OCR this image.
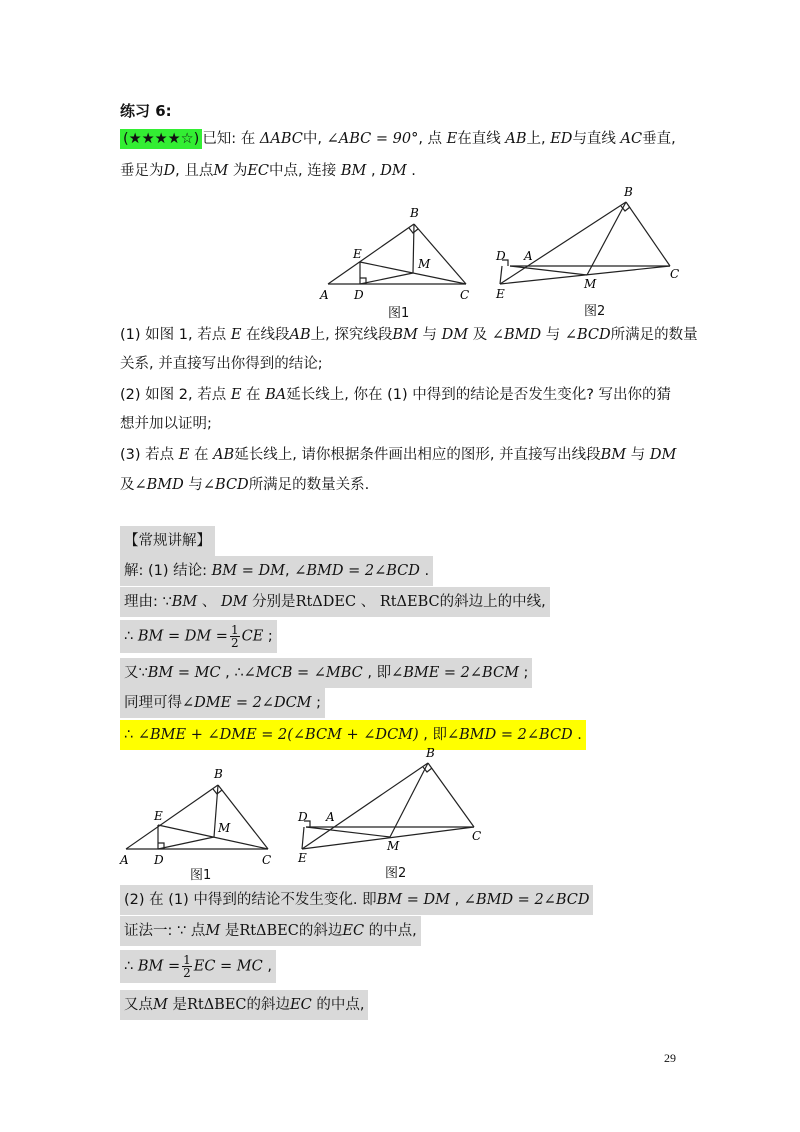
练习 6:
(★★★★☆) 已知: 在 ΔABC中, ∠ABC = 90°, 点 E在直线 AB上, ED与直线 AC垂直,
垂足为D, 且点M 为EC中点, 连接 BM , DM .
B
E
M
A D	C
图1
B
D A
C
M
E
图2
(1) 如图 1, 若点 E 在线段AB上, 探究线段BM 与 DM 及 ∠BMD 与 ∠BCD所满足的数量
关系, 并直接写出你得到的结论;
(2) 如图 2, 若点 E 在 BA延长线上, 你在 (1) 中得到的结论是否发生变化? 写出你的猜
想并加以证明;
(3) 若点 E 在 AB延长线上, 请你根据条件画出相应的图形, 并直接写出线段BM 与 DM
及∠BMD 与∠BCD所满足的数量关系.
【常规讲解】
解: (1) 结论: BM = DM, ∠BMD = 2∠BCD .
理由: ∵BM 、 DM 分别是RtΔDEC 、 RtΔEBC的斜边上的中线,
∴ BM = DM = $\frac{1}{2}$ CE ;
又∵BM = MC , ∴∠MCB = ∠MBC , 即∠BME = 2∠BCM ;
同理可得∠DME = 2∠DCM ;
∴ ∠BME + ∠DME = 2(∠BCM + ∠DCM) , 即∠BMD = 2∠BCD .
B
E
M
A D	C
图1
B
D A
C
M
E
图2
(2) 在 (1) 中得到的结论不发生变化. 即BM = DM , ∠BMD = 2∠BCD
证法一: ∵ 点M 是RtΔBEC的斜边EC 的中点,
∴ BM = $\frac{1}{2}$ EC = MC ,
又点M 是RtΔBEC的斜边EC 的中点,
29
